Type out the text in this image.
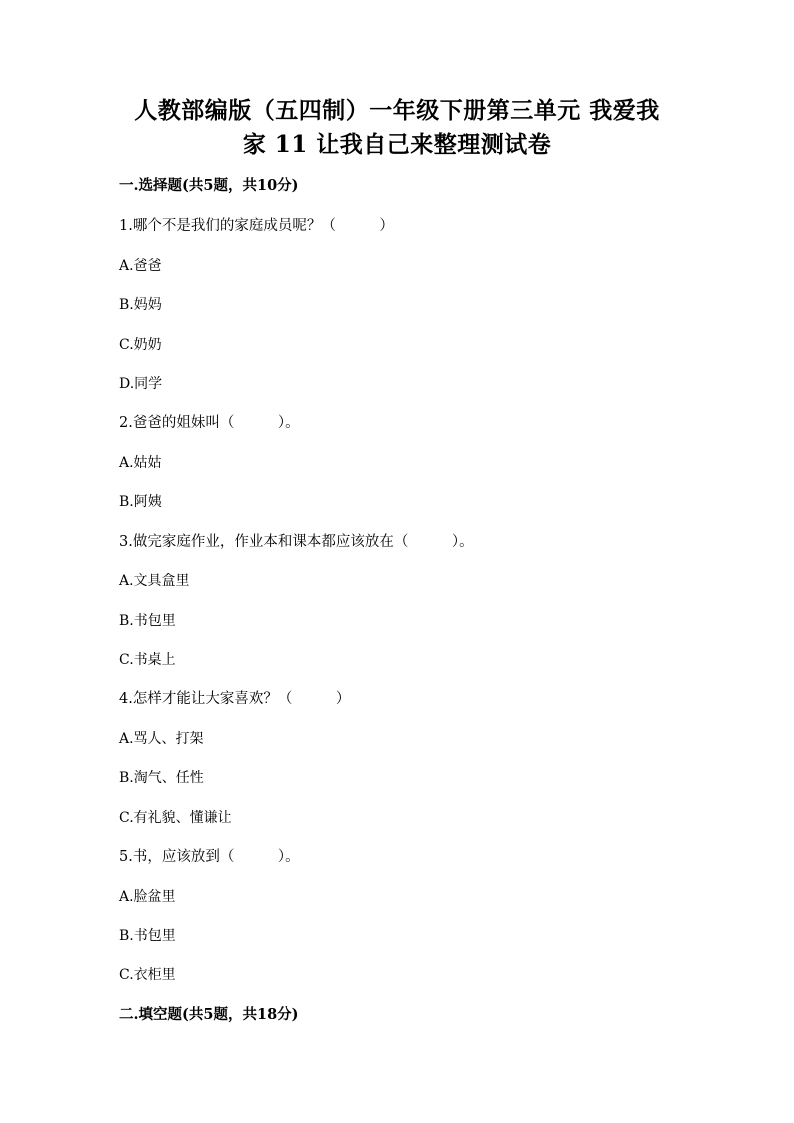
人教部编版（五四制）一年级下册第三单元 我爱我
家 11 让我自己来整理测试卷
一.选择题(共5题，共10分)
1.哪个不是我们的家庭成员呢？（　　　）
A.爸爸
B.妈妈
C.奶奶
D.同学
2.爸爸的姐妹叫（　　　）。
A.姑姑
B.阿姨
3.做完家庭作业，作业本和课本都应该放在（　　　）。
A.文具盒里
B.书包里
C.书桌上
4.怎样才能让大家喜欢？（　　　）
A.骂人、打架
B.淘气、任性
C.有礼貌、懂谦让
5.书，应该放到（　　　）。
A.脸盆里
B.书包里
C.衣柜里
二.填空题(共5题，共18分)
